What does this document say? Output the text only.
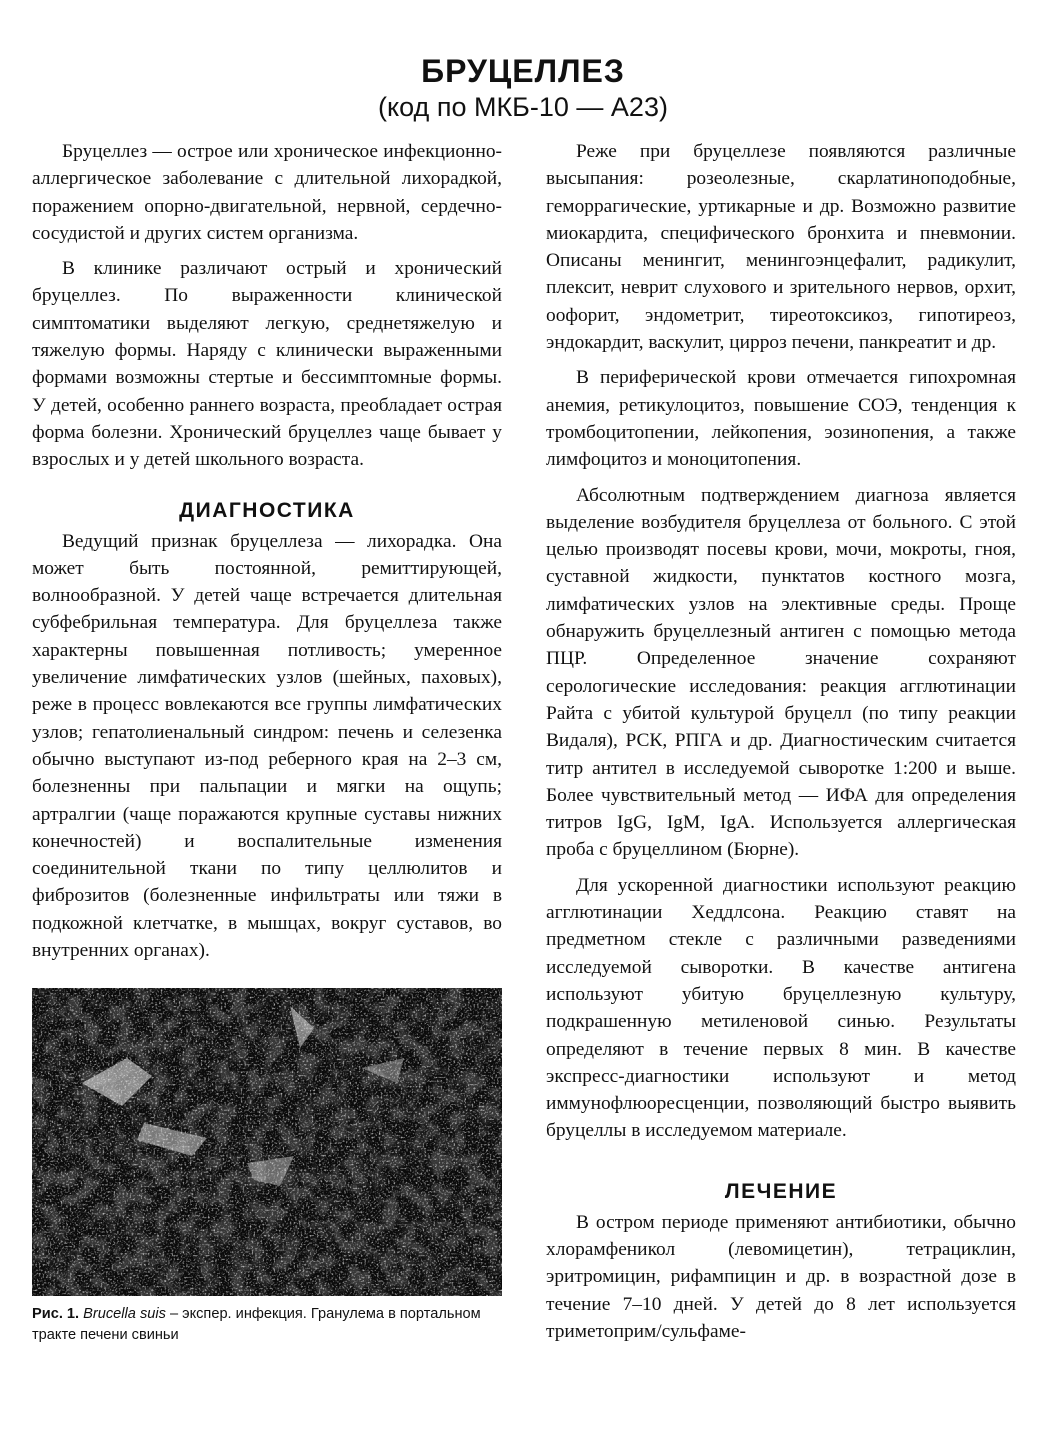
БРУЦЕЛЛЕЗ
(код по МКБ-10 — A23)

Бруцеллез — острое или хроническое инфекционно-аллергическое заболевание с длительной лихорадкой, поражением опорно-двигательной, нервной, сердечно-сосудистой и других систем организма.

В клинике различают острый и хронический бруцеллез. По выраженности клинической симптоматики выделяют легкую, среднетяжелую и тяжелую формы. Наряду с клинически выраженными формами возможны стертые и бессимптомные формы. У детей, особенно раннего возраста, преобладает острая форма болезни. Хронический бруцеллез чаще бывает у взрослых и у детей школьного возраста.

ДИАГНОСТИКА

Ведущий признак бруцеллеза — лихорадка. Она может быть постоянной, ремиттирующей, волнообразной. У детей чаще встречается длительная субфебрильная температура. Для бруцеллеза также характерны повышенная потливость; умеренное увеличение лимфатических узлов (шейных, паховых), реже в процесс вовлекаются все группы лимфатических узлов; гепатолиенальный синдром: печень и селезенка обычно выступают из-под реберного края на 2–3 см, болезненны при пальпации и мягки на ощупь; артралгии (чаще поражаются крупные суставы нижних конечностей) и воспалительные изменения соединительной ткани по типу целлюлитов и фиброзитов (болезненные инфильтраты или тяжи в подкожной клетчатке, в мышцах, вокруг суставов, во внутренних органах).

Рис. 1. Brucella suis – экспер. инфекция. Гранулема в портальном тракте печени свиньи

Реже при бруцеллезе появляются различные высыпания: розеолезные, скарлатиноподобные, геморрагические, уртикарные и др. Возможно развитие миокардита, специфического бронхита и пневмонии. Описаны менингит, менингоэнцефалит, радикулит, плексит, неврит слухового и зрительного нервов, орхит, оофорит, эндометрит, тиреотоксикоз, гипотиреоз, эндокардит, васкулит, цирроз печени, панкреатит и др.

В периферической крови отмечается гипохромная анемия, ретикулоцитоз, повышение СОЭ, тенденция к тромбоцитопении, лейкопения, эозинопения, а также лимфоцитоз и моноцитопения.

Абсолютным подтверждением диагноза является выделение возбудителя бруцеллеза от больного. С этой целью производят посевы крови, мочи, мокроты, гноя, суставной жидкости, пунктатов костного мозга, лимфатических узлов на элективные среды. Проще обнаружить бруцеллезный антиген с помощью метода ПЦР. Определенное значение сохраняют серологические исследования: реакция агглютинации Райта с убитой культурой бруцелл (по типу реакции Видаля), РСК, РПГА и др. Диагностическим считается титр антител в исследуемой сыворотке 1:200 и выше. Более чувствительный метод — ИФА для определения титров IgG, IgM, IgA. Используется аллергическая проба с бруцеллином (Бюрне).

Для ускоренной диагностики используют реакцию агглютинации Хеддлсона. Реакцию ставят на предметном стекле с различными разведениями исследуемой сыворотки. В качестве антигена используют убитую бруцеллезную культуру, подкрашенную метиленовой синью. Результаты определяют в течение первых 8 мин. В качестве экспресс-диагностики используют и метод иммунофлюоресценции, позволяющий быстро выявить бруцеллы в исследуемом материале.

ЛЕЧЕНИЕ

В остром периоде применяют антибиотики, обычно хлорамфеникол (левомицетин), тетрациклин, эритромицин, рифампицин и др. в возрастной дозе в течение 7–10 дней. У детей до 8 лет используется триметоприм/сульфаме-
